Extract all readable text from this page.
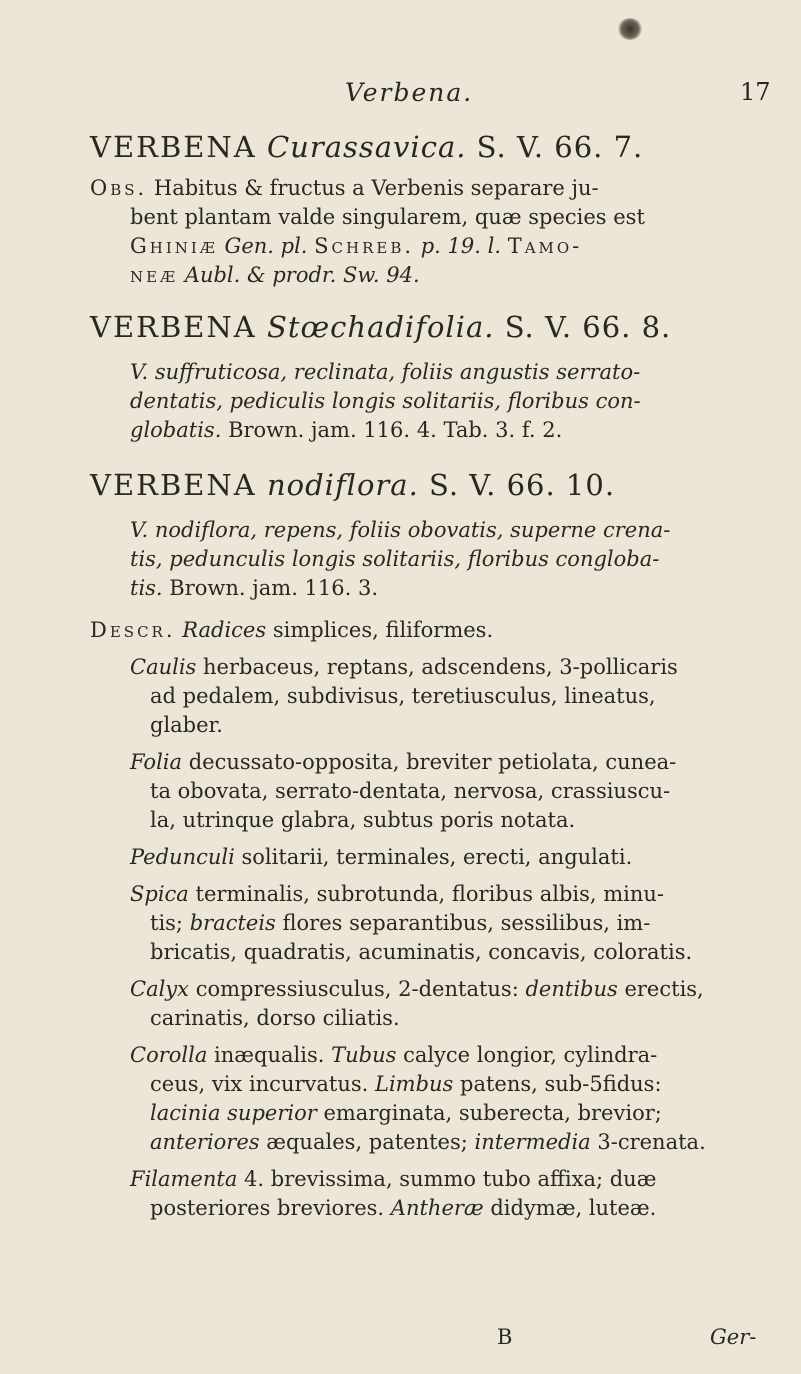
Verbena.	17
VERBENA Curassavica. S. V. 66. 7.
Obs. Habitus & fructus a Verbenis separare ju-
bent plantam valde singularem, quæ species est
Ghiniæ Gen. pl. Schreb. p. 19. l. Tamo-
neæ Aubl. & prodr. Sw. 94.
VERBENA Stœchadifolia. S. V. 66. 8.
V. suffruticosa, reclinata, foliis angustis serrato-
dentatis, pediculis longis solitariis, floribus con-
globatis. Brown. jam. 116. 4. Tab. 3. f. 2.
VERBENA nodiflora. S. V. 66. 10.
V. nodiflora, repens, foliis obovatis, superne crena-
tis, pedunculis longis solitariis, floribus congloba-
tis. Brown. jam. 116. 3.

Descr. Radices simplices, filiformes.

Caulis herbaceus, reptans, adscendens, 3-pollicaris

ad pedalem, subdivisus, teretiusculus, lineatus,

glaber.

Folia decussato-opposita, breviter petiolata, cunea-

ta obovata, serrato-dentata, nervosa, crassiuscu-

la, utrinque glabra, subtus poris notata.

Pedunculi solitarii, terminales, erecti, angulati.

Spica terminalis, subrotunda, floribus albis, minu-

tis; bracteis flores separantibus, sessilibus, im-

bricatis, quadratis, acuminatis, concavis, coloratis.

Calyx compressiusculus, 2-dentatus: dentibus erectis,

carinatis, dorso ciliatis.

Corolla inæqualis. Tubus calyce longior, cylindra-

ceus, vix incurvatus. Limbus patens, sub-5fidus:

lacinia superior emarginata, suberecta, brevior;

anteriores æquales, patentes; intermedia 3-crenata.

Filamenta 4. brevissima, summo tubo affixa; duæ

posteriores breviores. Antheræ didymæ, luteæ.

B	Ger-
